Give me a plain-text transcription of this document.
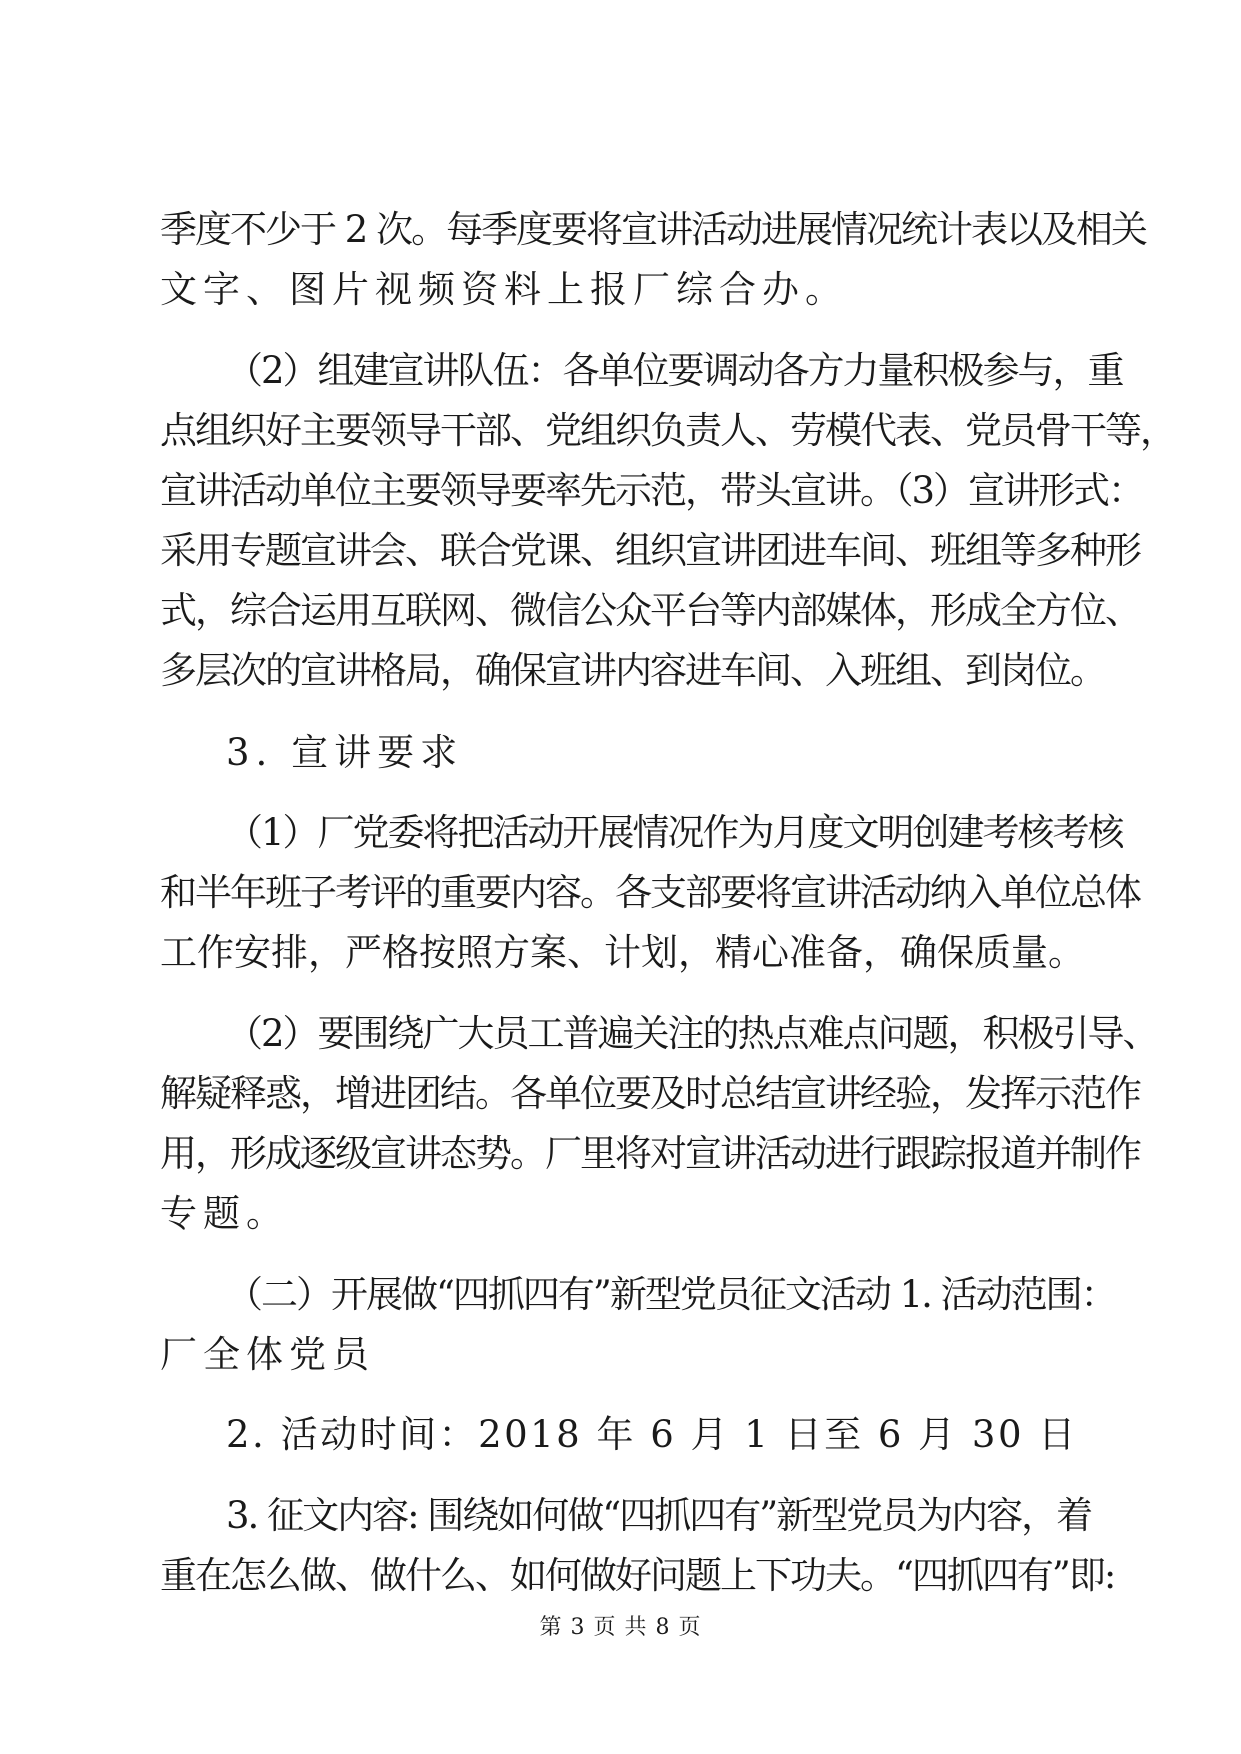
季度不少于 2 次。每季度要将宣讲活动进展情况统计表以及相关
文字、图片视频资料上报厂综合办。
（2）组建宣讲队伍：各单位要调动各方力量积极参与，重
点组织好主要领导干部、党组织负责人、劳模代表、党员骨干等，
宣讲活动单位主要领导要率先示范，带头宣讲。（3）宣讲形式：
采用专题宣讲会、联合党课、组织宣讲团进车间、班组等多种形
式，综合运用互联网、微信公众平台等内部媒体，形成全方位、
多层次的宣讲格局，确保宣讲内容进车间、入班组、到岗位。
3. 宣讲要求
（1）厂党委将把活动开展情况作为月度文明创建考核考核
和半年班子考评的重要内容。各支部要将宣讲活动纳入单位总体
工作安排，严格按照方案、计划，精心准备，确保质量。
（2）要围绕广大员工普遍关注的热点难点问题，积极引导、
解疑释惑，增进团结。各单位要及时总结宣讲经验，发挥示范作
用，形成逐级宣讲态势。厂里将对宣讲活动进行跟踪报道并制作
专题。
（二）开展做“四抓四有”新型党员征文活动 1. 活动范围：
厂全体党员
2. 活动时间：2018 年 6 月 1 日至 6 月 30 日
3. 征文内容: 围绕如何做“四抓四有”新型党员为内容，着
重在怎么做、做什么、如何做好问题上下功夫。“四抓四有”即:
第 3 页 共 8 页
